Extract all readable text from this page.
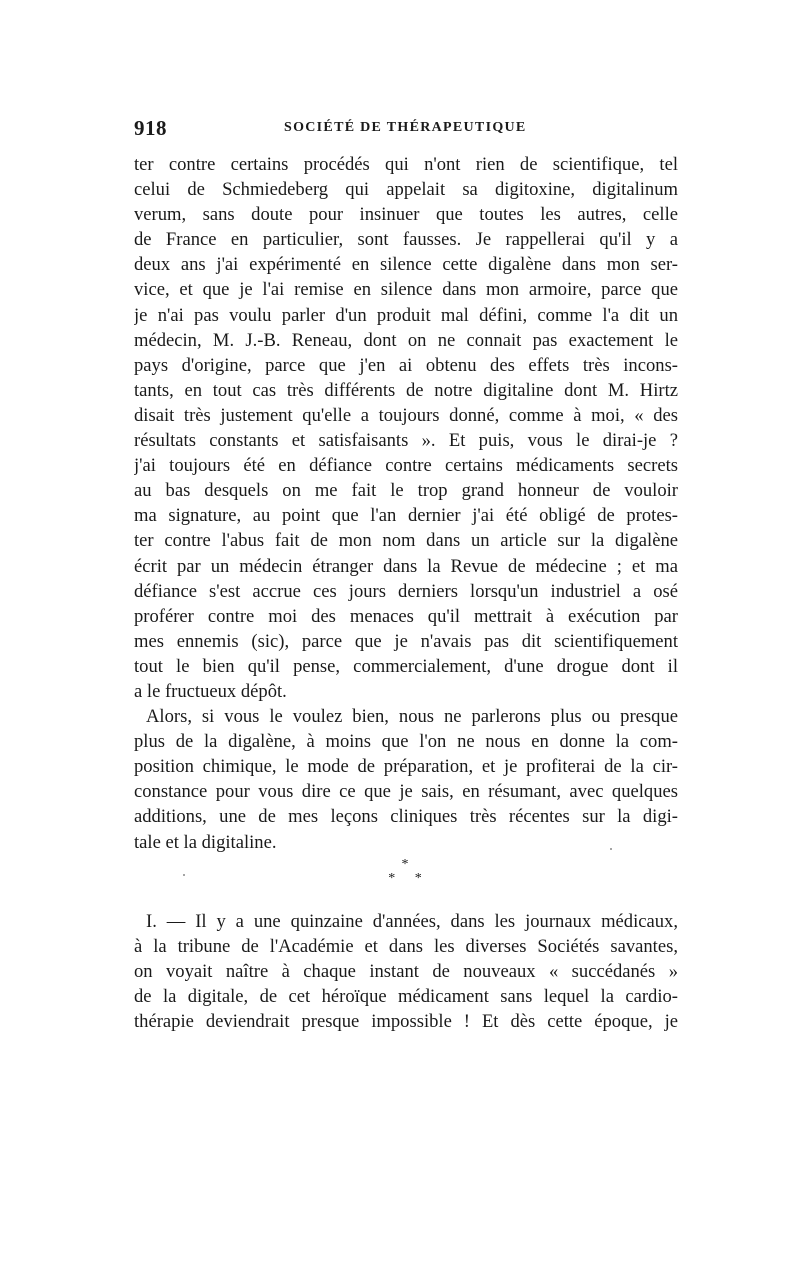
918	SOCIÉTÉ DE THÉRAPEUTIQUE
ter contre certains procédés qui n'ont rien de scientifique, tel
celui de Schmiedeberg qui appelait sa digitoxine, digitalinum
verum, sans doute pour insinuer que toutes les autres, celle
de France en particulier, sont fausses. Je rappellerai qu'il y a
deux ans j'ai expérimenté en silence cette digalène dans mon ser-
vice, et que je l'ai remise en silence dans mon armoire, parce que
je n'ai pas voulu parler d'un produit mal défini, comme l'a dit un
médecin, M. J.-B. Reneau, dont on ne connait pas exactement le
pays d'origine, parce que j'en ai obtenu des effets très incons-
tants, en tout cas très différents de notre digitaline dont M. Hirtz
disait très justement qu'elle a toujours donné, comme à moi, « des
résultats constants et satisfaisants ». Et puis, vous le dirai-je ?
j'ai toujours été en défiance contre certains médicaments secrets
au bas desquels on me fait le trop grand honneur de vouloir
ma signature, au point que l'an dernier j'ai été obligé de protes-
ter contre l'abus fait de mon nom dans un article sur la digalène
écrit par un médecin étranger dans la Revue de médecine ; et ma
défiance s'est accrue ces jours derniers lorsqu'un industriel a osé
proférer contre moi des menaces qu'il mettrait à exécution par
mes ennemis (sic), parce que je n'avais pas dit scientifiquement
tout le bien qu'il pense, commercialement, d'une drogue dont il
a le fructueux dépôt.
Alors, si vous le voulez bien, nous ne parlerons plus ou presque
plus de la digalène, à moins que l'on ne nous en donne la com-
position chimique, le mode de préparation, et je profiterai de la cir-
constance pour vous dire ce que je sais, en résumant, avec quelques
additions, une de mes leçons cliniques très récentes sur la digi-
tale et la digitaline.
*
* *
I. — Il y a une quinzaine d'années, dans les journaux médicaux,
à la tribune de l'Académie et dans les diverses Sociétés savantes,
on voyait naître à chaque instant de nouveaux « succédanés »
de la digitale, de cet héroïque médicament sans lequel la cardio-
thérapie deviendrait presque impossible ! Et dès cette époque, je
